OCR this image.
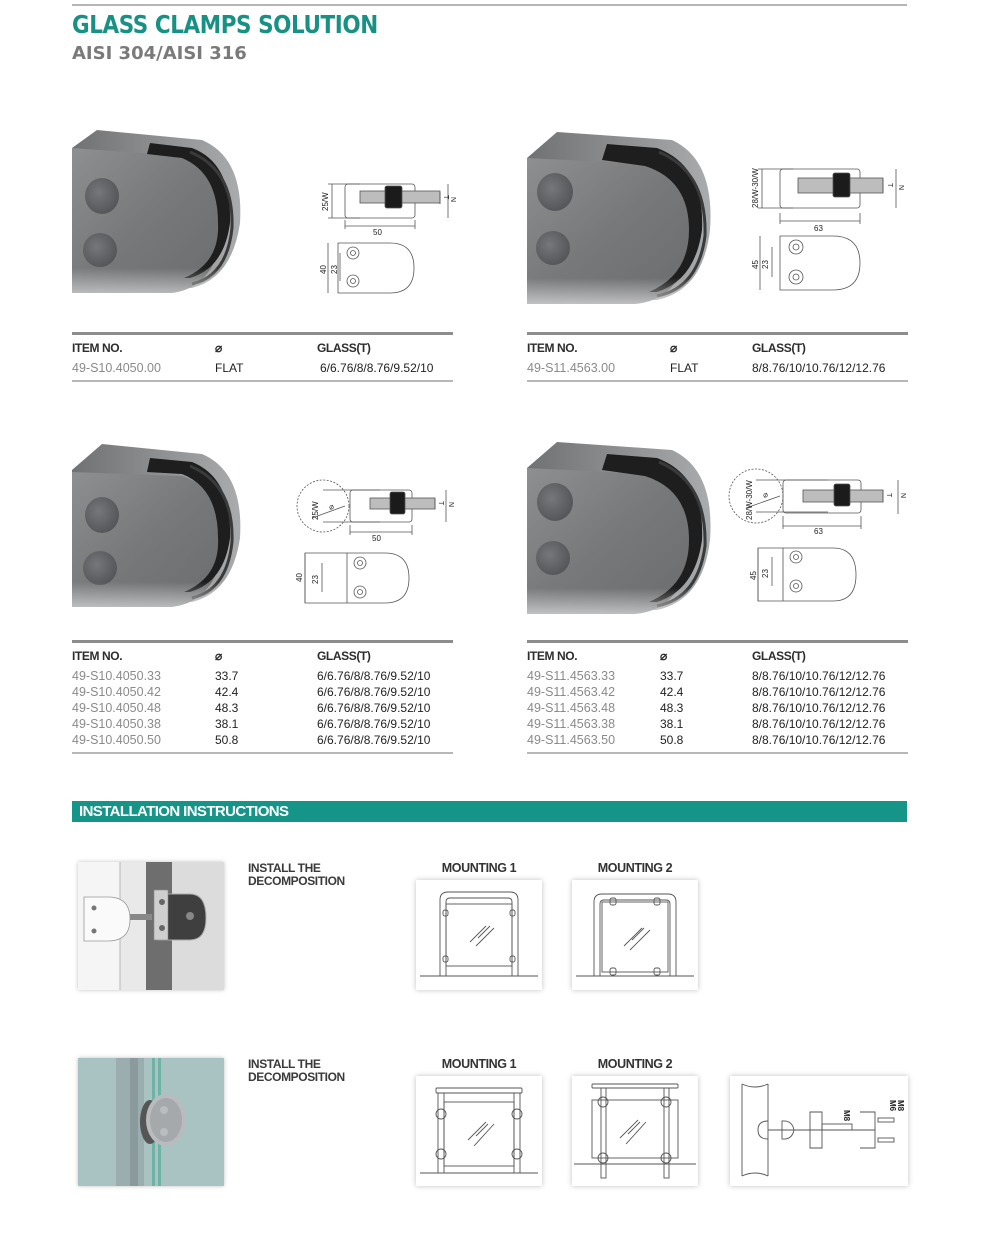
GLASS CLAMPS SOLUTION
AISI 304/AISI 316
25/W
50
T N
40 23
ITEM NO.	⌀	GLASS(T)
49-S10.4050.00	FLAT	6/6.76/8/8.76/9.52/10
28/W-30/W
63
T N
45 23
ITEM NO.	⌀	GLASS(T)
49-S11.4563.00	FLAT	8/8.76/10/10.76/12/12.76
⌀
25/W
50
T N
40 23
ITEM NO.	⌀	GLASS(T)
49-S10.4050.33	33.7	6/6.76/8/8.76/9.52/10
49-S10.4050.42	42.4	6/6.76/8/8.76/9.52/10
49-S10.4050.48	48.3	6/6.76/8/8.76/9.52/10
49-S10.4050.38	38.1	6/6.76/8/8.76/9.52/10
49-S10.4050.50	50.8	6/6.76/8/8.76/9.52/10
⌀
28/W-30/W
63
T N
45 23
ITEM NO.	⌀	GLASS(T)
49-S11.4563.33	33.7	8/8.76/10/10.76/12/12.76
49-S11.4563.42	42.4	8/8.76/10/10.76/12/12.76
49-S11.4563.48	48.3	8/8.76/10/10.76/12/12.76
49-S11.4563.38	38.1	8/8.76/10/10.76/12/12.76
49-S11.4563.50	50.8	8/8.76/10/10.76/12/12.76
INSTALLATION INSTRUCTIONS
INSTALL THE
DECOMPOSITION
MOUNTING 1	MOUNTING 2
INSTALL THE
DECOMPOSITION
MOUNTING 1	MOUNTING 2
M8
M6 M8
